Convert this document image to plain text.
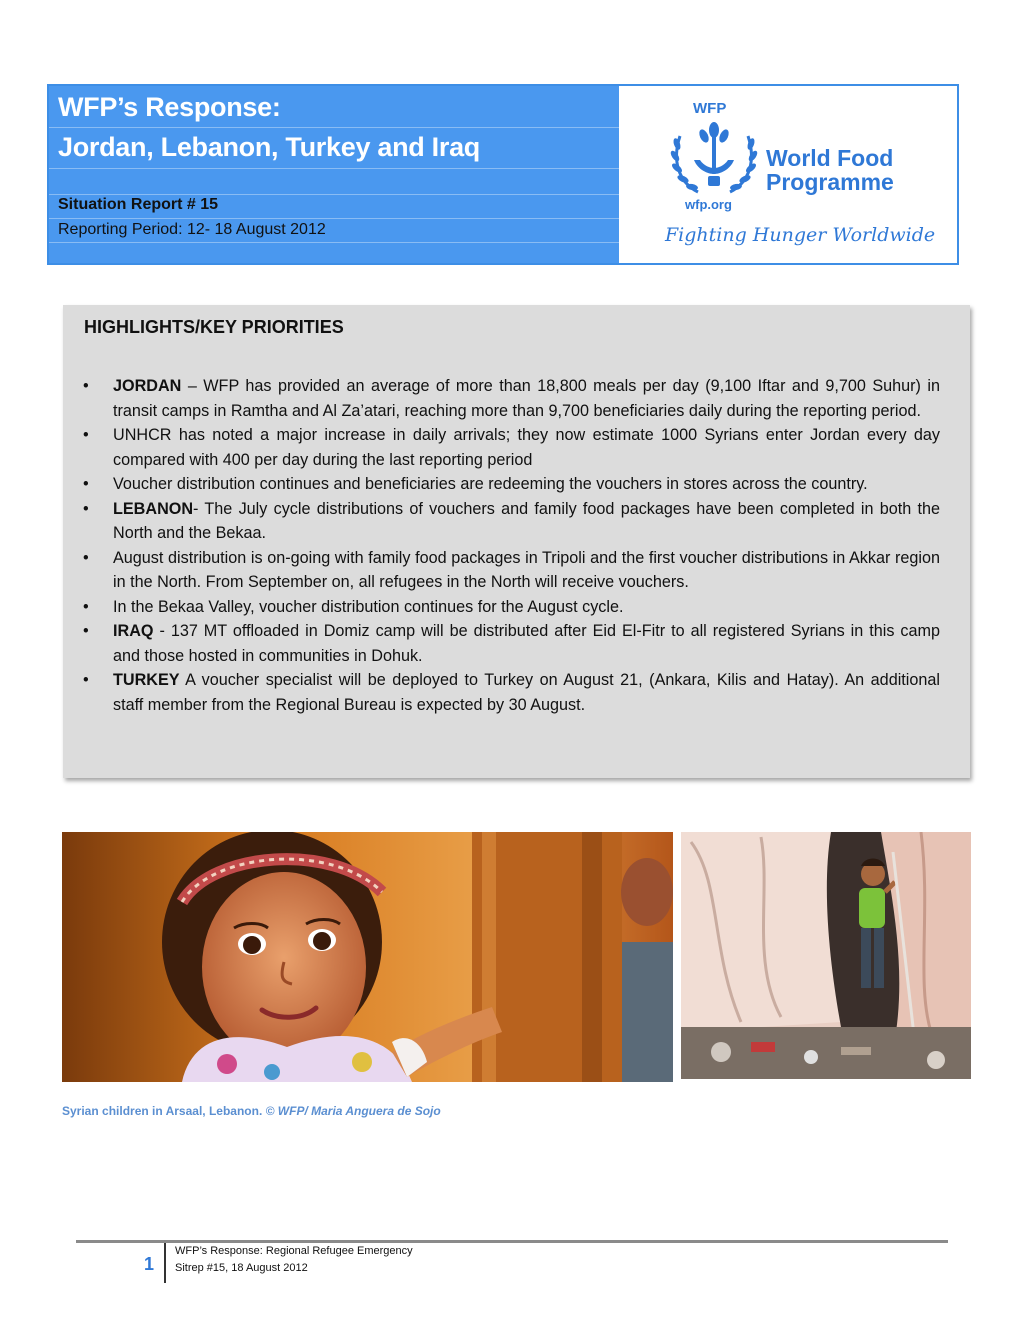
WFP’s Response:
Jordan, Lebanon, Turkey and Iraq
Situation Report # 15
Reporting Period: 12- 18 August 2012
WFP
World Food
Programme
wfp.org
Fighting Hunger Worldwide
HIGHLIGHTS/KEY PRIORITIES
• JORDAN – WFP has provided an average of more than 18,800 meals per day (9,100 Iftar and 9,700 Suhur) in transit camps in Ramtha and Al Za’atari, reaching more than 9,700 beneficiaries daily during the reporting period.
• UNHCR has noted a major increase in daily arrivals; they now estimate 1000 Syrians enter Jordan every day compared with 400 per day during the last reporting period
• Voucher distribution continues and beneficiaries are redeeming the vouchers in stores across the country.
• LEBANON- The July cycle distributions of vouchers and family food packages have been completed in both the North and the Bekaa.
• August distribution is on-going with family food packages in Tripoli and the first voucher distributions in Akkar region in the North. From September on, all refugees in the North will receive vouchers.
• In the Bekaa Valley, voucher distribution continues for the August cycle.
• IRAQ - 137 MT offloaded in Domiz camp will be distributed after Eid El-Fitr to all registered Syrians in this camp and those hosted in communities in Dohuk.
• TURKEY A voucher specialist will be deployed to Turkey on August 21, (Ankara, Kilis and Hatay). An additional staff member from the Regional Bureau is expected by 30 August.
Syrian children in Arsaal, Lebanon. © WFP/ Maria Anguera de Sojo
1
WFP’s Response: Regional Refugee Emergency
Sitrep #15, 18 August 2012
